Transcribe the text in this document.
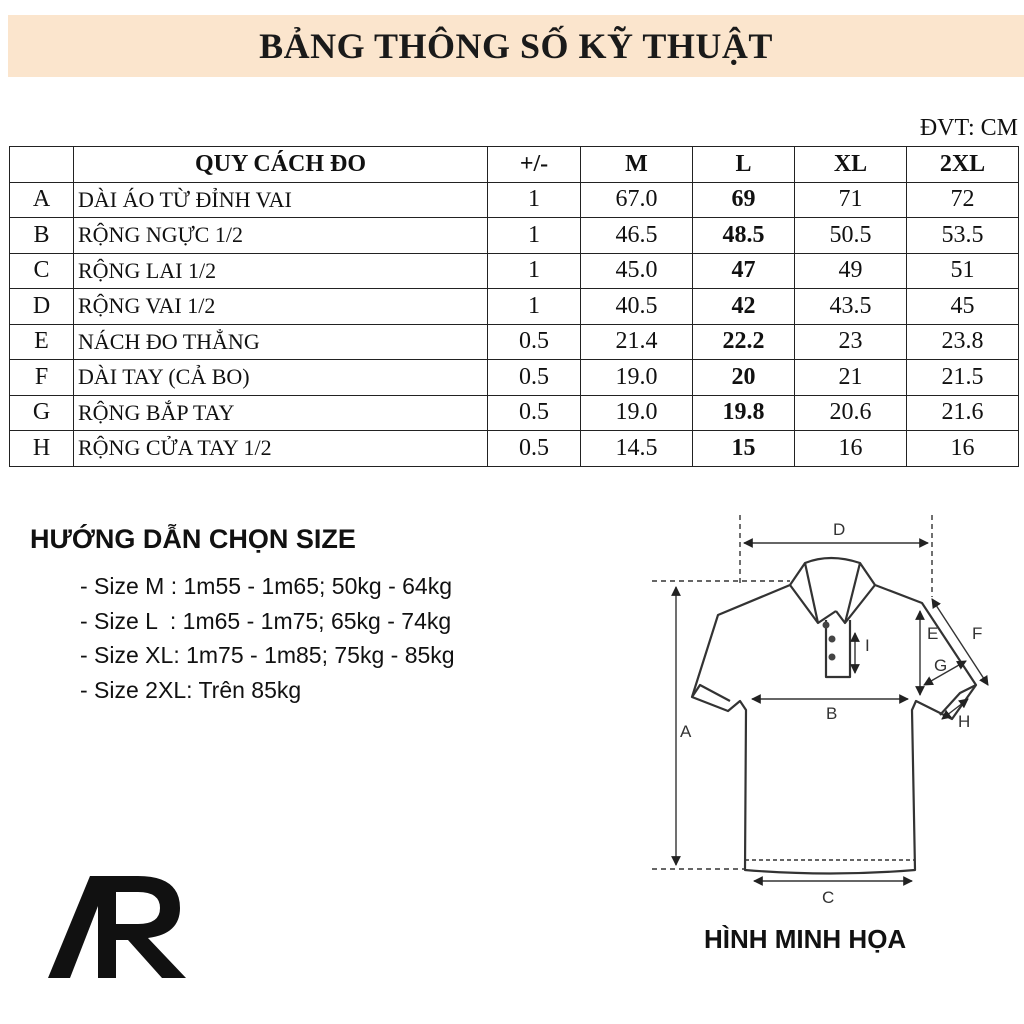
BẢNG THÔNG SỐ KỸ THUẬT
ĐVT: CM
	QUY CÁCH ĐO	+/-	M	L	XL	2XL
A	DÀI ÁO TỪ ĐỈNH VAI	1	67.0	69	71	72
B	RỘNG NGỰC 1/2	1	46.5	48.5	50.5	53.5
C	RỘNG LAI 1/2	1	45.0	47	49	51
D	RỘNG VAI 1/2	1	40.5	42	43.5	45
E	NÁCH ĐO THẲNG	0.5	21.4	22.2	23	23.8
F	DÀI TAY (CẢ BO)	0.5	19.0	20	21	21.5
G	RỘNG BẮP TAY	0.5	19.0	19.8	20.6	21.6
H	RỘNG CỬA TAY 1/2	0.5	14.5	15	16	16
HƯỚNG DẪN CHỌN SIZE
- Size M : 1m55 - 1m65; 50kg - 64kg
- Size L  : 1m65 - 1m75; 65kg - 74kg
- Size XL: 1m75 - 1m85; 75kg - 85kg
- Size 2XL: Trên 85kg
D
A
B
C
I
E F
G
H
HÌNH MINH HỌA
